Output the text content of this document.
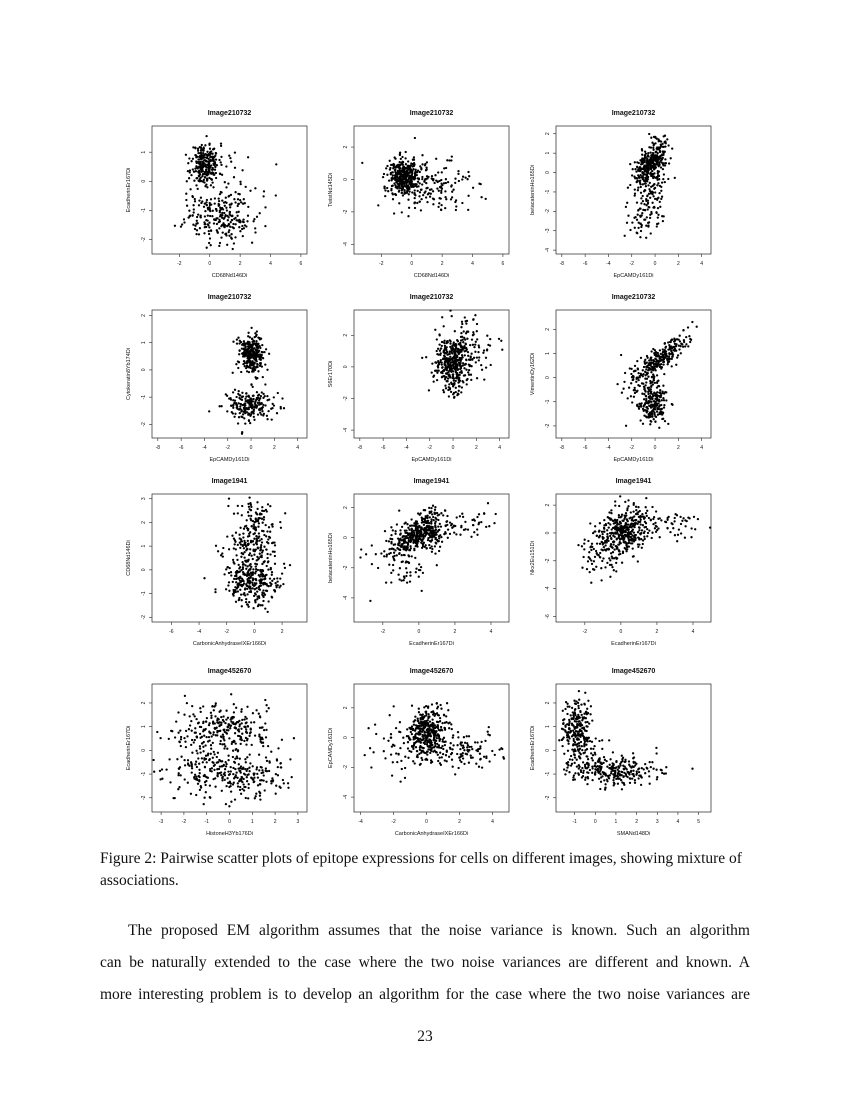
Image210732
-2	0	2	4	6
-2
-1
0
1
CD68Nd146Di
EcadherinEr167Di
Image210732
-2	0	2	4	6
-4
-2
0
2
CD68Nd146Di
TwistNd145Di
Image210732
-8	-6	-4	-2	0	2	4
-4
-3
-2
-1
0
1
2
EpCAMDy161Di
betacateninHo165Di
Image210732
-8	-6	-4	-2	0	2	4
-2
-1
0
1
2
EpCAMDy161Di
Cytokeratin8Yb174Di
Image210732
-8	-6	-4	-2	0	2	4
-4
-2
0
2
EpCAMDy161Di
S6Er170Di
Image210732
-8	-6	-4	-2	0	2	4
-2
-1
0
1
2
EpCAMDy161Di
VimentinDy162Di
Image1941
-6	-4	-2	0	2
-2
-1
0
1
2
3
CarbonicAnhydraseIXEr166Di
CD68Nd146Di
Image1941
-2	0	2	4
-4
-2
0
2
EcadherinEr167Di
betacateninHo165Di
Image1941
-2	0	2	4
-6
-4
-2
0
2
EcadherinEr167Di
Nkx2Eu151Di
Image452670
-3	-2	-1	0	1	2	3
-2
-1
0
1
2
HistoneH3Yb176Di
EcadherinEr167Di
Image452670
-4	-2	0	2	4
-4
-2
0
2
CarbonicAnhydraseIXEr166Di
EpCAMDy161Di
Image452670
-1	0	1	2	3	4	5
-2
-1
0
1
2
SMANd148Di
EcadherinEr167Di
Figure 2: Pairwise scatter plots of epitope expressions for cells on different images, showing mixture of associations.
The proposed EM algorithm assumes that the noise variance is known. Such an algorithm
can be naturally extended to the case where the two noise variances are different and known. A
more interesting problem is to develop an algorithm for the case where the two noise variances are
23
